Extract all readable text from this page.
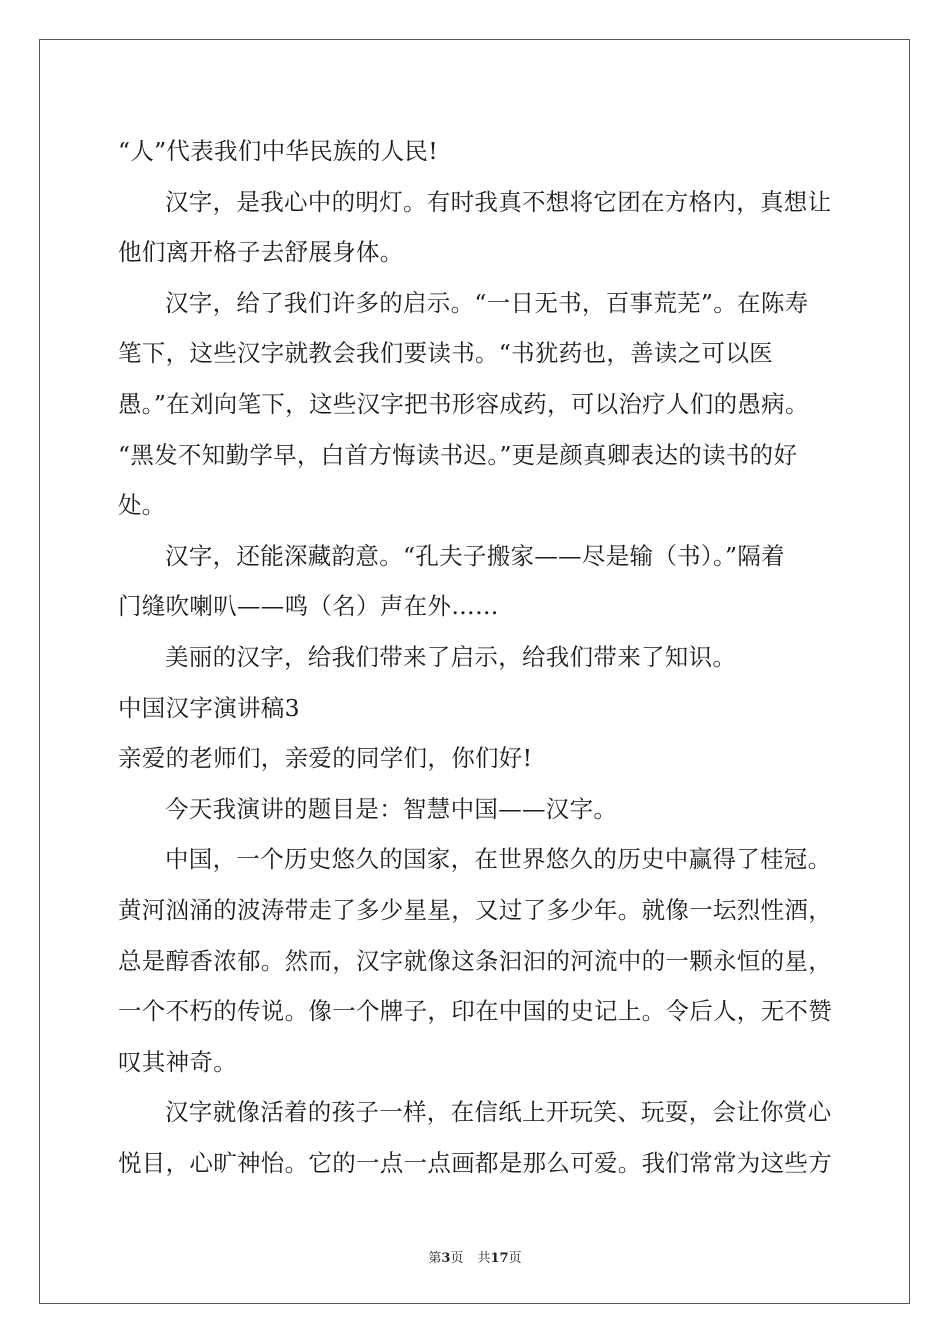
“人”代表我们中华民族的人民!
汉字，是我心中的明灯。有时我真不想将它团在方格内，真想让
他们离开格子去舒展身体。
汉字，给了我们许多的启示。“一日无书，百事荒芜”。在陈寿
笔下，这些汉字就教会我们要读书。“书犹药也，善读之可以医
愚。”在刘向笔下，这些汉字把书形容成药，可以治疗人们的愚病。
“黑发不知勤学早，白首方悔读书迟。”更是颜真卿表达的读书的好
处。
汉字，还能深藏韵意。“孔夫子搬家——尽是输（书）。”隔着
门缝吹喇叭——鸣（名）声在外……
美丽的汉字，给我们带来了启示，给我们带来了知识。
中国汉字演讲稿3
亲爱的老师们，亲爱的同学们，你们好!
今天我演讲的题目是：智慧中国——汉字。
中国，一个历史悠久的国家，在世界悠久的历史中赢得了桂冠。
黄河汹涌的波涛带走了多少星星，又过了多少年。就像一坛烈性酒，
总是醇香浓郁。然而，汉字就像这条汩汩的河流中的一颗永恒的星，
一个不朽的传说。像一个牌子，印在中国的史记上。令后人，无不赞
叹其神奇。
汉字就像活着的孩子一样，在信纸上开玩笑、玩耍，会让你赏心
悦目，心旷神怡。它的一点一点画都是那么可爱。我们常常为这些方
第3页 共17页
